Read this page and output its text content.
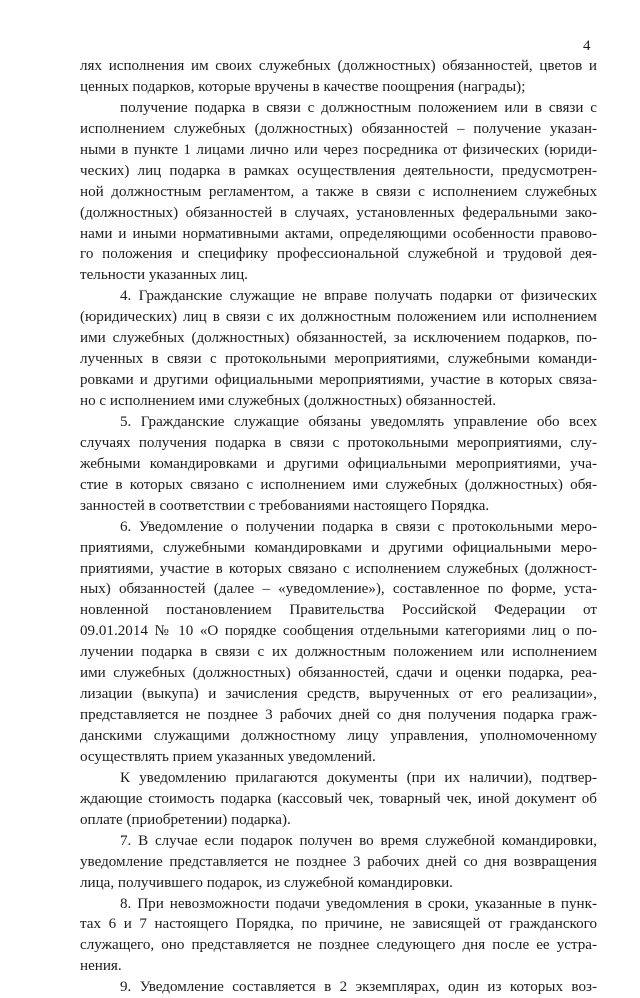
4
лях исполнения им своих служебных (должностных) обязанностей, цветов и
ценных подарков, которые вручены в качестве поощрения (награды);
получение подарка в связи с должностным положением или в связи с
исполнением служебных (должностных) обязанностей – получение указан-
ными в пункте 1 лицами лично или через посредника от физических (юриди-
ческих) лиц подарка в рамках осуществления деятельности, предусмотрен-
ной должностным регламентом, а также в связи с исполнением служебных
(должностных) обязанностей в случаях, установленных федеральными зако-
нами и иными нормативными актами, определяющими особенности правово-
го положения и специфику профессиональной служебной и трудовой дея-
тельности указанных лиц.
4. Гражданские служащие не вправе получать подарки от физических
(юридических) лиц в связи с их должностным положением или исполнением
ими служебных (должностных) обязанностей, за исключением подарков, по-
лученных в связи с протокольными мероприятиями, служебными команди-
ровками и другими официальными мероприятиями, участие в которых связа-
но с исполнением ими служебных (должностных) обязанностей.
5. Гражданские служащие обязаны уведомлять управление обо всех
случаях получения подарка в связи с протокольными мероприятиями, слу-
жебными командировками и другими официальными мероприятиями, уча-
стие в которых связано с исполнением ими служебных (должностных) обя-
занностей в соответствии с требованиями настоящего Порядка.
6. Уведомление о получении подарка в связи с протокольными меро-
приятиями, служебными командировками и другими официальными меро-
приятиями, участие в которых связано с исполнением служебных (должност-
ных) обязанностей (далее – «уведомление»), составленное по форме, уста-
новленной постановлением Правительства Российской Федерации от
09.01.2014 № 10 «О порядке сообщения отдельными категориями лиц о по-
лучении подарка в связи с их должностным положением или исполнением
ими служебных (должностных) обязанностей, сдачи и оценки подарка, реа-
лизации (выкупа) и зачисления средств, вырученных от его реализации»,
представляется не позднее 3 рабочих дней со дня получения подарка граж-
данскими служащими должностному лицу управления, уполномоченному
осуществлять прием указанных уведомлений.
К уведомлению прилагаются документы (при их наличии), подтвер-
ждающие стоимость подарка (кассовый чек, товарный чек, иной документ об
оплате (приобретении) подарка).
7. В случае если подарок получен во время служебной командировки,
уведомление представляется не позднее 3 рабочих дней со дня возвращения
лица, получившего подарок, из служебной командировки.
8. При невозможности подачи уведомления в сроки, указанные в пунк-
тах 6 и 7 настоящего Порядка, по причине, не зависящей от гражданского
служащего, оно представляется не позднее следующего дня после ее устра-
нения.
9. Уведомление составляется в 2 экземплярах, один из которых воз-
